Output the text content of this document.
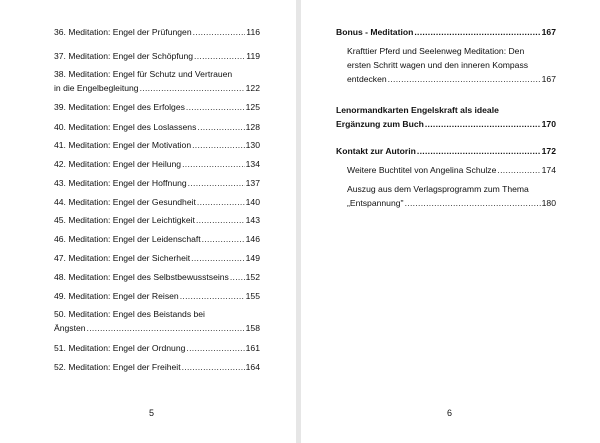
36. Meditation: Engel der Prüfungen .....	116
37. Meditation: Engel der Schöpfung .....	119
38. Meditation: Engel für Schutz und Vertrauen
in die Engelbegleitung .....	122
39. Meditation: Engel des Erfolges .....	125
40. Meditation: Engel des Loslassens .....	128
41. Meditation: Engel der Motivation .....	130
42. Meditation: Engel der Heilung .....	134
43. Meditation: Engel der Hoffnung .....	137
44. Meditation: Engel der Gesundheit .....	140
45. Meditation: Engel der Leichtigkeit .....	143
46. Meditation: Engel der Leidenschaft .....	146
47. Meditation: Engel der Sicherheit .....	149
48. Meditation: Engel des Selbstbewusstseins ..... 152
49. Meditation: Engel der Reisen .....	155
50. Meditation: Engel des Beistands bei
Ängsten .....	158
51. Meditation: Engel der Ordnung .....	161
52. Meditation: Engel der Freiheit .....	164
5
Bonus - Meditation .....	167
Krafttier Pferd und Seelenweg Meditation: Den
ersten Schritt wagen und den inneren Kompass
entdecken .....	167
Lenormandkarten Engelskraft als ideale
Ergänzung zum Buch .....	170
Kontakt zur Autorin .....	172
Weitere Buchtitel von Angelina Schulze .....	174
Auszug aus dem Verlagsprogramm zum Thema
„Entspannung" .....	180
6
